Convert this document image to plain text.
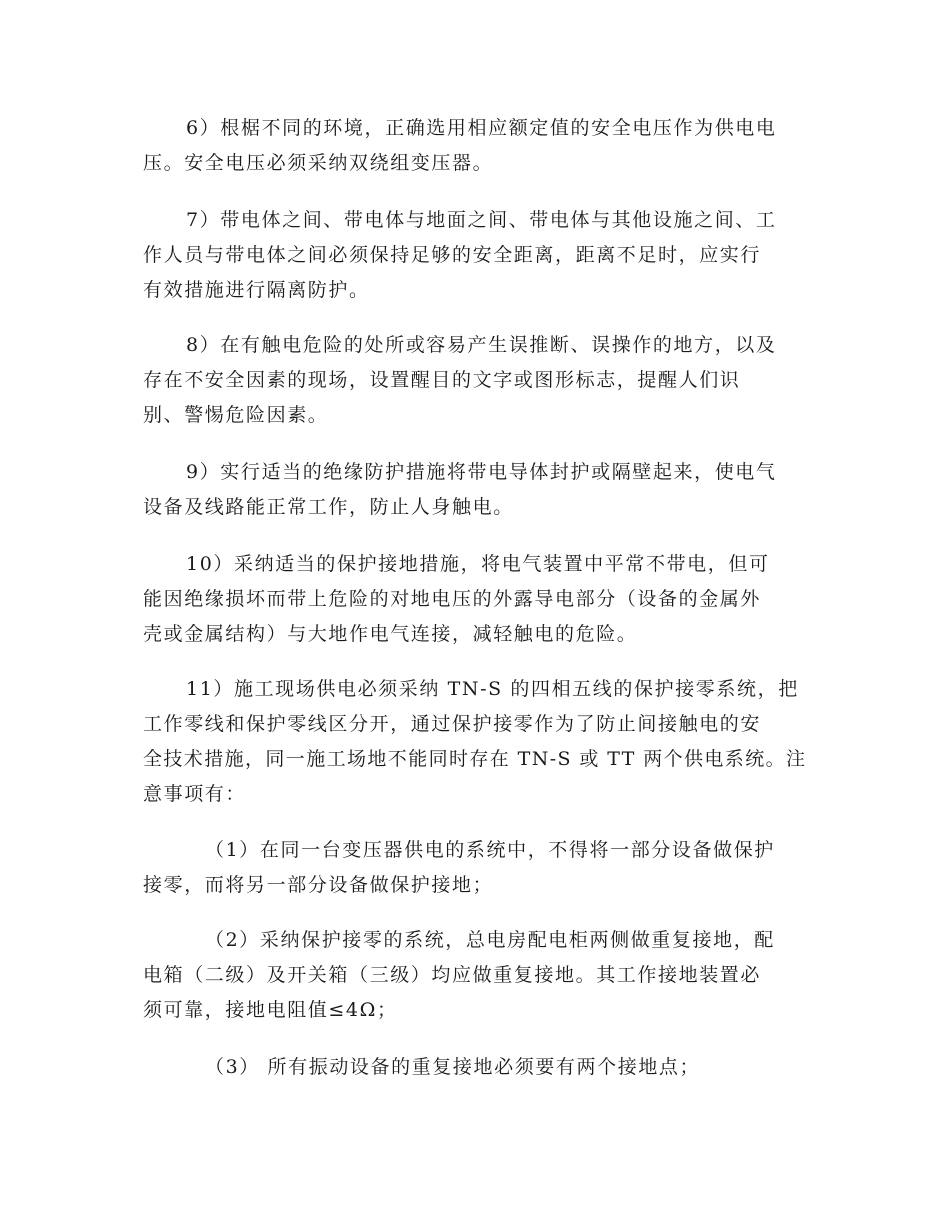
6）根椐不同的环境，正确选用相应额定值的安全电压作为供电电
压。安全电压必须采纳双绕组变压器。
7）带电体之间、带电体与地面之间、带电体与其他设施之间、工
作人员与带电体之间必须保持足够的安全距离，距离不足时，应实行
有效措施进行隔离防护。
8）在有触电危险的处所或容易产生误推断、误操作的地方，以及
存在不安全因素的现场，设置醒目的文字或图形标志，提醒人们识
别、警惕危险因素。
9）实行适当的绝缘防护措施将带电导体封护或隔壁起来，使电气
设备及线路能正常工作，防止人身触电。
10）采纳适当的保护接地措施，将电气装置中平常不带电，但可
能因绝缘损坏而带上危险的对地电压的外露导电部分（设备的金属外
壳或金属结构）与大地作电气连接，减轻触电的危险。
11）施工现场供电必须采纳 TN-S 的四相五线的保护接零系统，把
工作零线和保护零线区分开，通过保护接零作为了防止间接触电的安
全技术措施，同一施工场地不能同时存在 TN-S 或 TT 两个供电系统。注
意事项有：
（1）在同一台变压器供电的系统中，不得将一部分设备做保护
接零，而将另一部分设备做保护接地；
（2）采纳保护接零的系统，总电房配电柜两侧做重复接地，配
电箱（二级）及开关箱（三级）均应做重复接地。其工作接地装置必
须可靠，接地电阻值≤4Ω；
（3） 所有振动设备的重复接地必须要有两个接地点；
